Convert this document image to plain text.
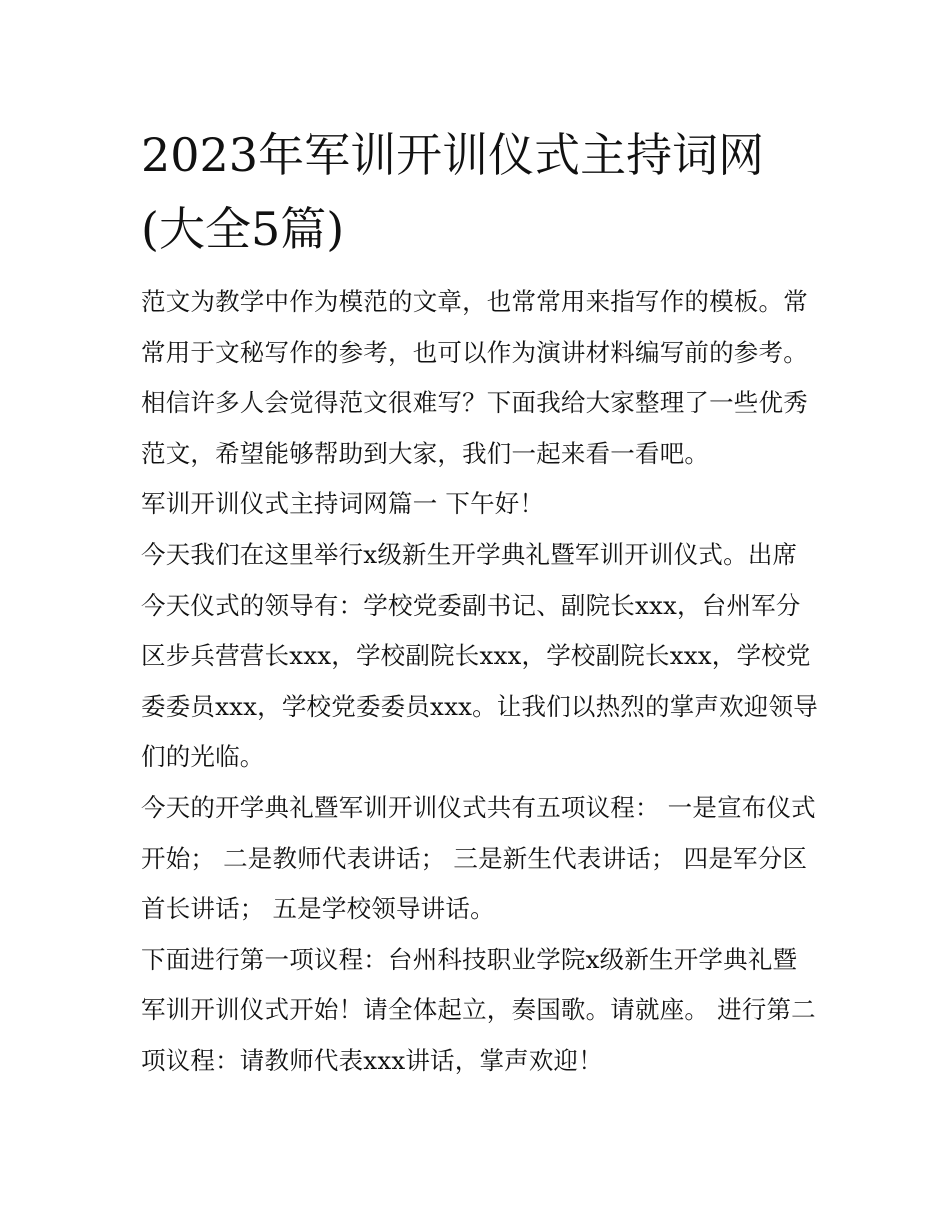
2023年军训开训仪式主持词网
(大全5篇)

范文为教学中作为模范的文章，也常常用来指写作的模板。常常用于文秘写作的参考，也可以作为演讲材料编写前的参考。相信许多人会觉得范文很难写？下面我给大家整理了一些优秀范文，希望能够帮助到大家，我们一起来看一看吧。

军训开训仪式主持词网篇一 下午好！

今天我们在这里举行x级新生开学典礼暨军训开训仪式。出席今天仪式的领导有：学校党委副书记、副院长xxx，台州军分区步兵营营长xxx，学校副院长xxx，学校副院长xxx，学校党委委员xxx，学校党委委员xxx。让我们以热烈的掌声欢迎领导们的光临。

今天的开学典礼暨军训开训仪式共有五项议程： 一是宣布仪式开始； 二是教师代表讲话； 三是新生代表讲话； 四是军分区首长讲话； 五是学校领导讲话。

下面进行第一项议程：台州科技职业学院x级新生开学典礼暨军训开训仪式开始！请全体起立，奏国歌。请就座。 进行第二项议程：请教师代表xxx讲话，掌声欢迎！
